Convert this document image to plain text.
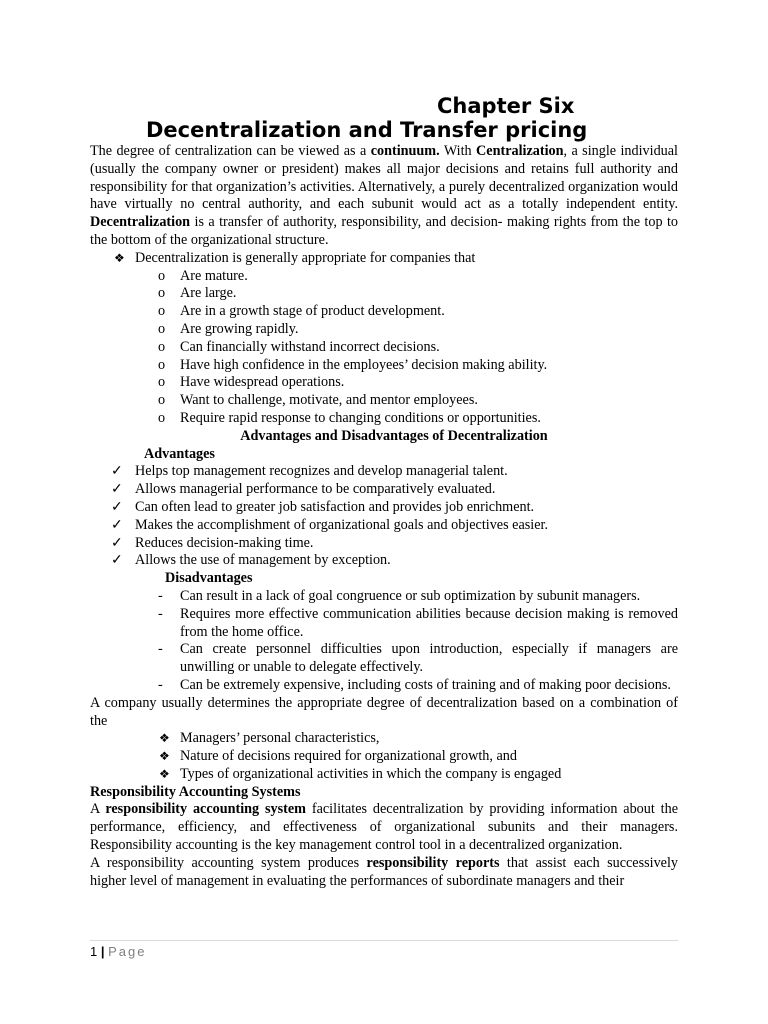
Chapter Six
Decentralization and Transfer pricing

The degree of centralization can be viewed as a continuum. With Centralization, a single individual (usually the company owner or president) makes all major decisions and retains full authority and responsibility for that organization’s activities. Alternatively, a purely decentralized organization would have virtually no central authority, and each subunit would act as a totally independent entity. Decentralization is a transfer of authority, responsibility, and decision- making rights from the top to the bottom of the organizational structure.

❖ Decentralization is generally appropriate for companies that
o Are mature.
o Are large.
o Are in a growth stage of product development.
o Are growing rapidly.
o Can financially withstand incorrect decisions.
o Have high confidence in the employees’ decision making ability.
o Have widespread operations.
o Want to challenge, motivate, and mentor employees.
o Require rapid response to changing conditions or opportunities.

Advantages and Disadvantages of Decentralization

Advantages

✓ Helps top management recognizes and develop managerial talent.
✓ Allows managerial performance to be comparatively evaluated.
✓ Can often lead to greater job satisfaction and provides job enrichment.
✓ Makes the accomplishment of organizational goals and objectives easier.
✓ Reduces decision-making time.
✓ Allows the use of management by exception.

Disadvantages

- Can result in a lack of goal congruence or sub optimization by subunit managers.
- Requires more effective communication abilities because decision making is removed from the home office.
- Can create personnel difficulties upon introduction, especially if managers are unwilling or unable to delegate effectively.
- Can be extremely expensive, including costs of training and of making poor decisions.

A company usually determines the appropriate degree of decentralization based on a combination of the

❖ Managers’ personal characteristics,
❖ Nature of decisions required for organizational growth, and
❖ Types of organizational activities in which the company is engaged

Responsibility Accounting Systems

A responsibility accounting system facilitates decentralization by providing information about the performance, efficiency, and effectiveness of organizational subunits and their managers. Responsibility accounting is the key management control tool in a decentralized organization.

A responsibility accounting system produces responsibility reports that assist each successively higher level of management in evaluating the performances of subordinate managers and their

1 | Page
